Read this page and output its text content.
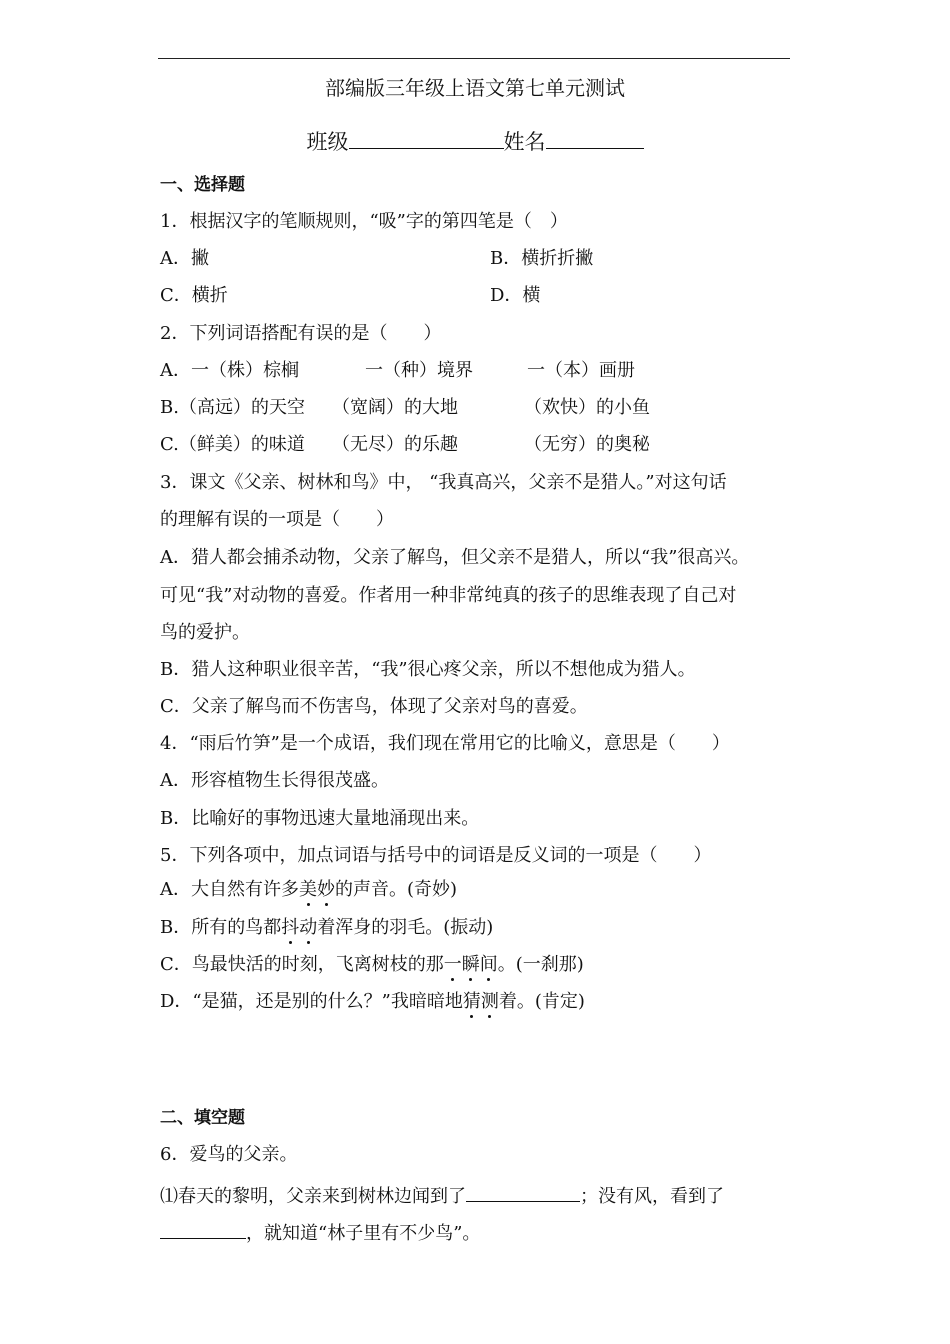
部编版三年级上语文第七单元测试
班级	姓名
一、选择题
1．根据汉字的笔顺规则，“吸”字的第四笔是（　）
A．撇	B．横折折撇
C．横折	D．横
2．下列词语搭配有误的是（　　）
A．一（株）棕榈	一（种）境界	一（本）画册
B.（高远）的天空 （宽阔）的大地	（欢快）的小鱼
C.（鲜美）的味道 （无尽）的乐趣	（无穷）的奥秘
3．课文《父亲、树林和鸟》中， “我真高兴，父亲不是猎人。”对这句话
的理解有误的一项是（　　）
A．猎人都会捕杀动物，父亲了解鸟，但父亲不是猎人，所以“我”很高兴。
可见“我”对动物的喜爱。作者用一种非常纯真的孩子的思维表现了自己对
鸟的爱护。
B．猎人这种职业很辛苦，“我”很心疼父亲，所以不想他成为猎人。
C．父亲了解鸟而不伤害鸟，体现了父亲对鸟的喜爱。
4．“雨后竹笋”是一个成语，我们现在常用它的比喻义，意思是（　　）
A．形容植物生长得很茂盛。
B．比喻好的事物迅速大量地涌现出来。
5．下列各项中，加点词语与括号中的词语是反义词的一项是（　　）
A．大自然有许多美妙的声音。(奇妙)
B．所有的鸟都抖动着浑身的羽毛。(振动)
C．鸟最快活的时刻，飞离树枝的那一瞬间。(一刹那)
D．“是猫，还是别的什么？”我暗暗地猜测着。(肯定)
二、填空题
6．爱鸟的父亲。
⑴春天的黎明，父亲来到树林边闻到了	；没有风，看到了
，就知道“林子里有不少鸟”。
